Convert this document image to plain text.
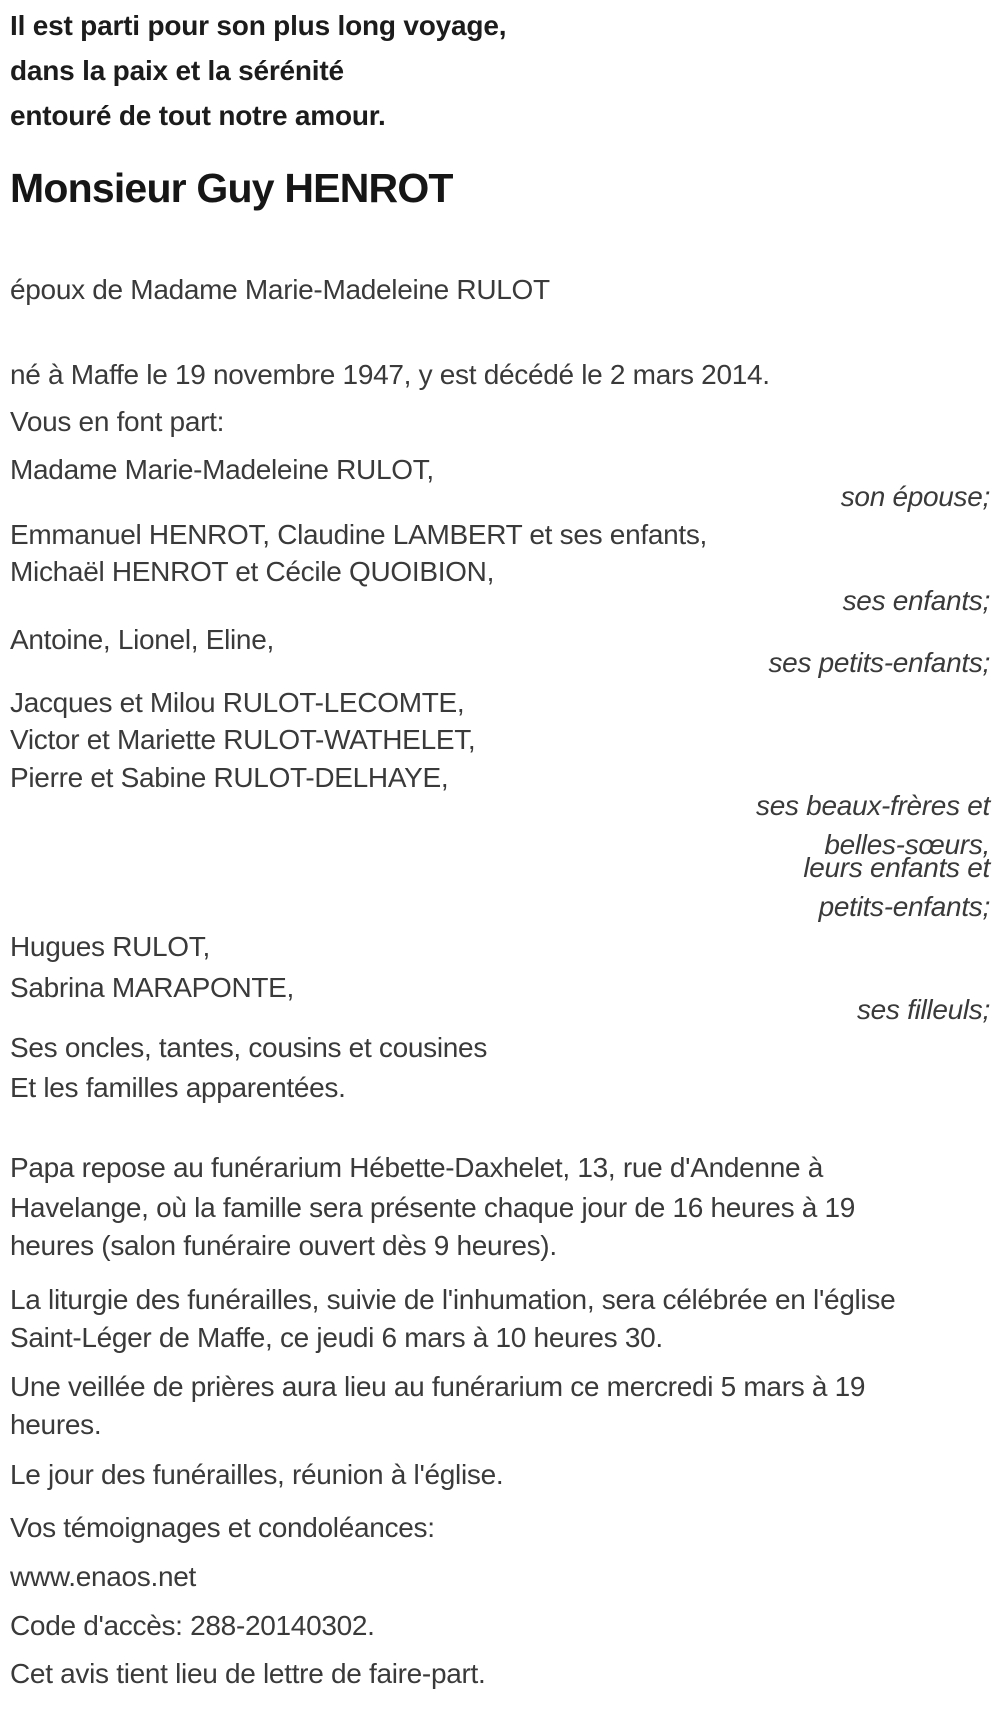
Il est parti pour son plus long voyage,
dans la paix et la sérénité
entouré de tout notre amour.
Monsieur Guy HENROT
époux de Madame Marie-Madeleine RULOT
né à Maffe le 19 novembre 1947, y est décédé le 2 mars 2014.
Vous en font part:
Madame Marie-Madeleine RULOT,
son épouse;
Emmanuel HENROT, Claudine LAMBERT et ses enfants,
Michaël HENROT et Cécile QUOIBION,
ses enfants;
Antoine, Lionel, Eline,
ses petits-enfants;
Jacques et Milou RULOT-LECOMTE,
Victor et Mariette RULOT-WATHELET,
Pierre et Sabine RULOT-DELHAYE,
ses beaux-frères et
belles-sœurs,
leurs enfants et
petits-enfants;
Hugues RULOT,
Sabrina MARAPONTE,
ses filleuls;
Ses oncles, tantes, cousins et cousines
Et les familles apparentées.
Papa repose au funérarium Hébette-Daxhelet, 13, rue d'Andenne à
Havelange, où la famille sera présente chaque jour de 16 heures à 19
heures (salon funéraire ouvert dès 9 heures).
La liturgie des funérailles, suivie de l'inhumation, sera célébrée en l'église
Saint-Léger de Maffe, ce jeudi 6 mars à 10 heures 30.
Une veillée de prières aura lieu au funérarium ce mercredi 5 mars à 19
heures.
Le jour des funérailles, réunion à l'église.
Vos témoignages et condoléances:
www.enaos.net
Code d'accès: 288-20140302.
Cet avis tient lieu de lettre de faire-part.
